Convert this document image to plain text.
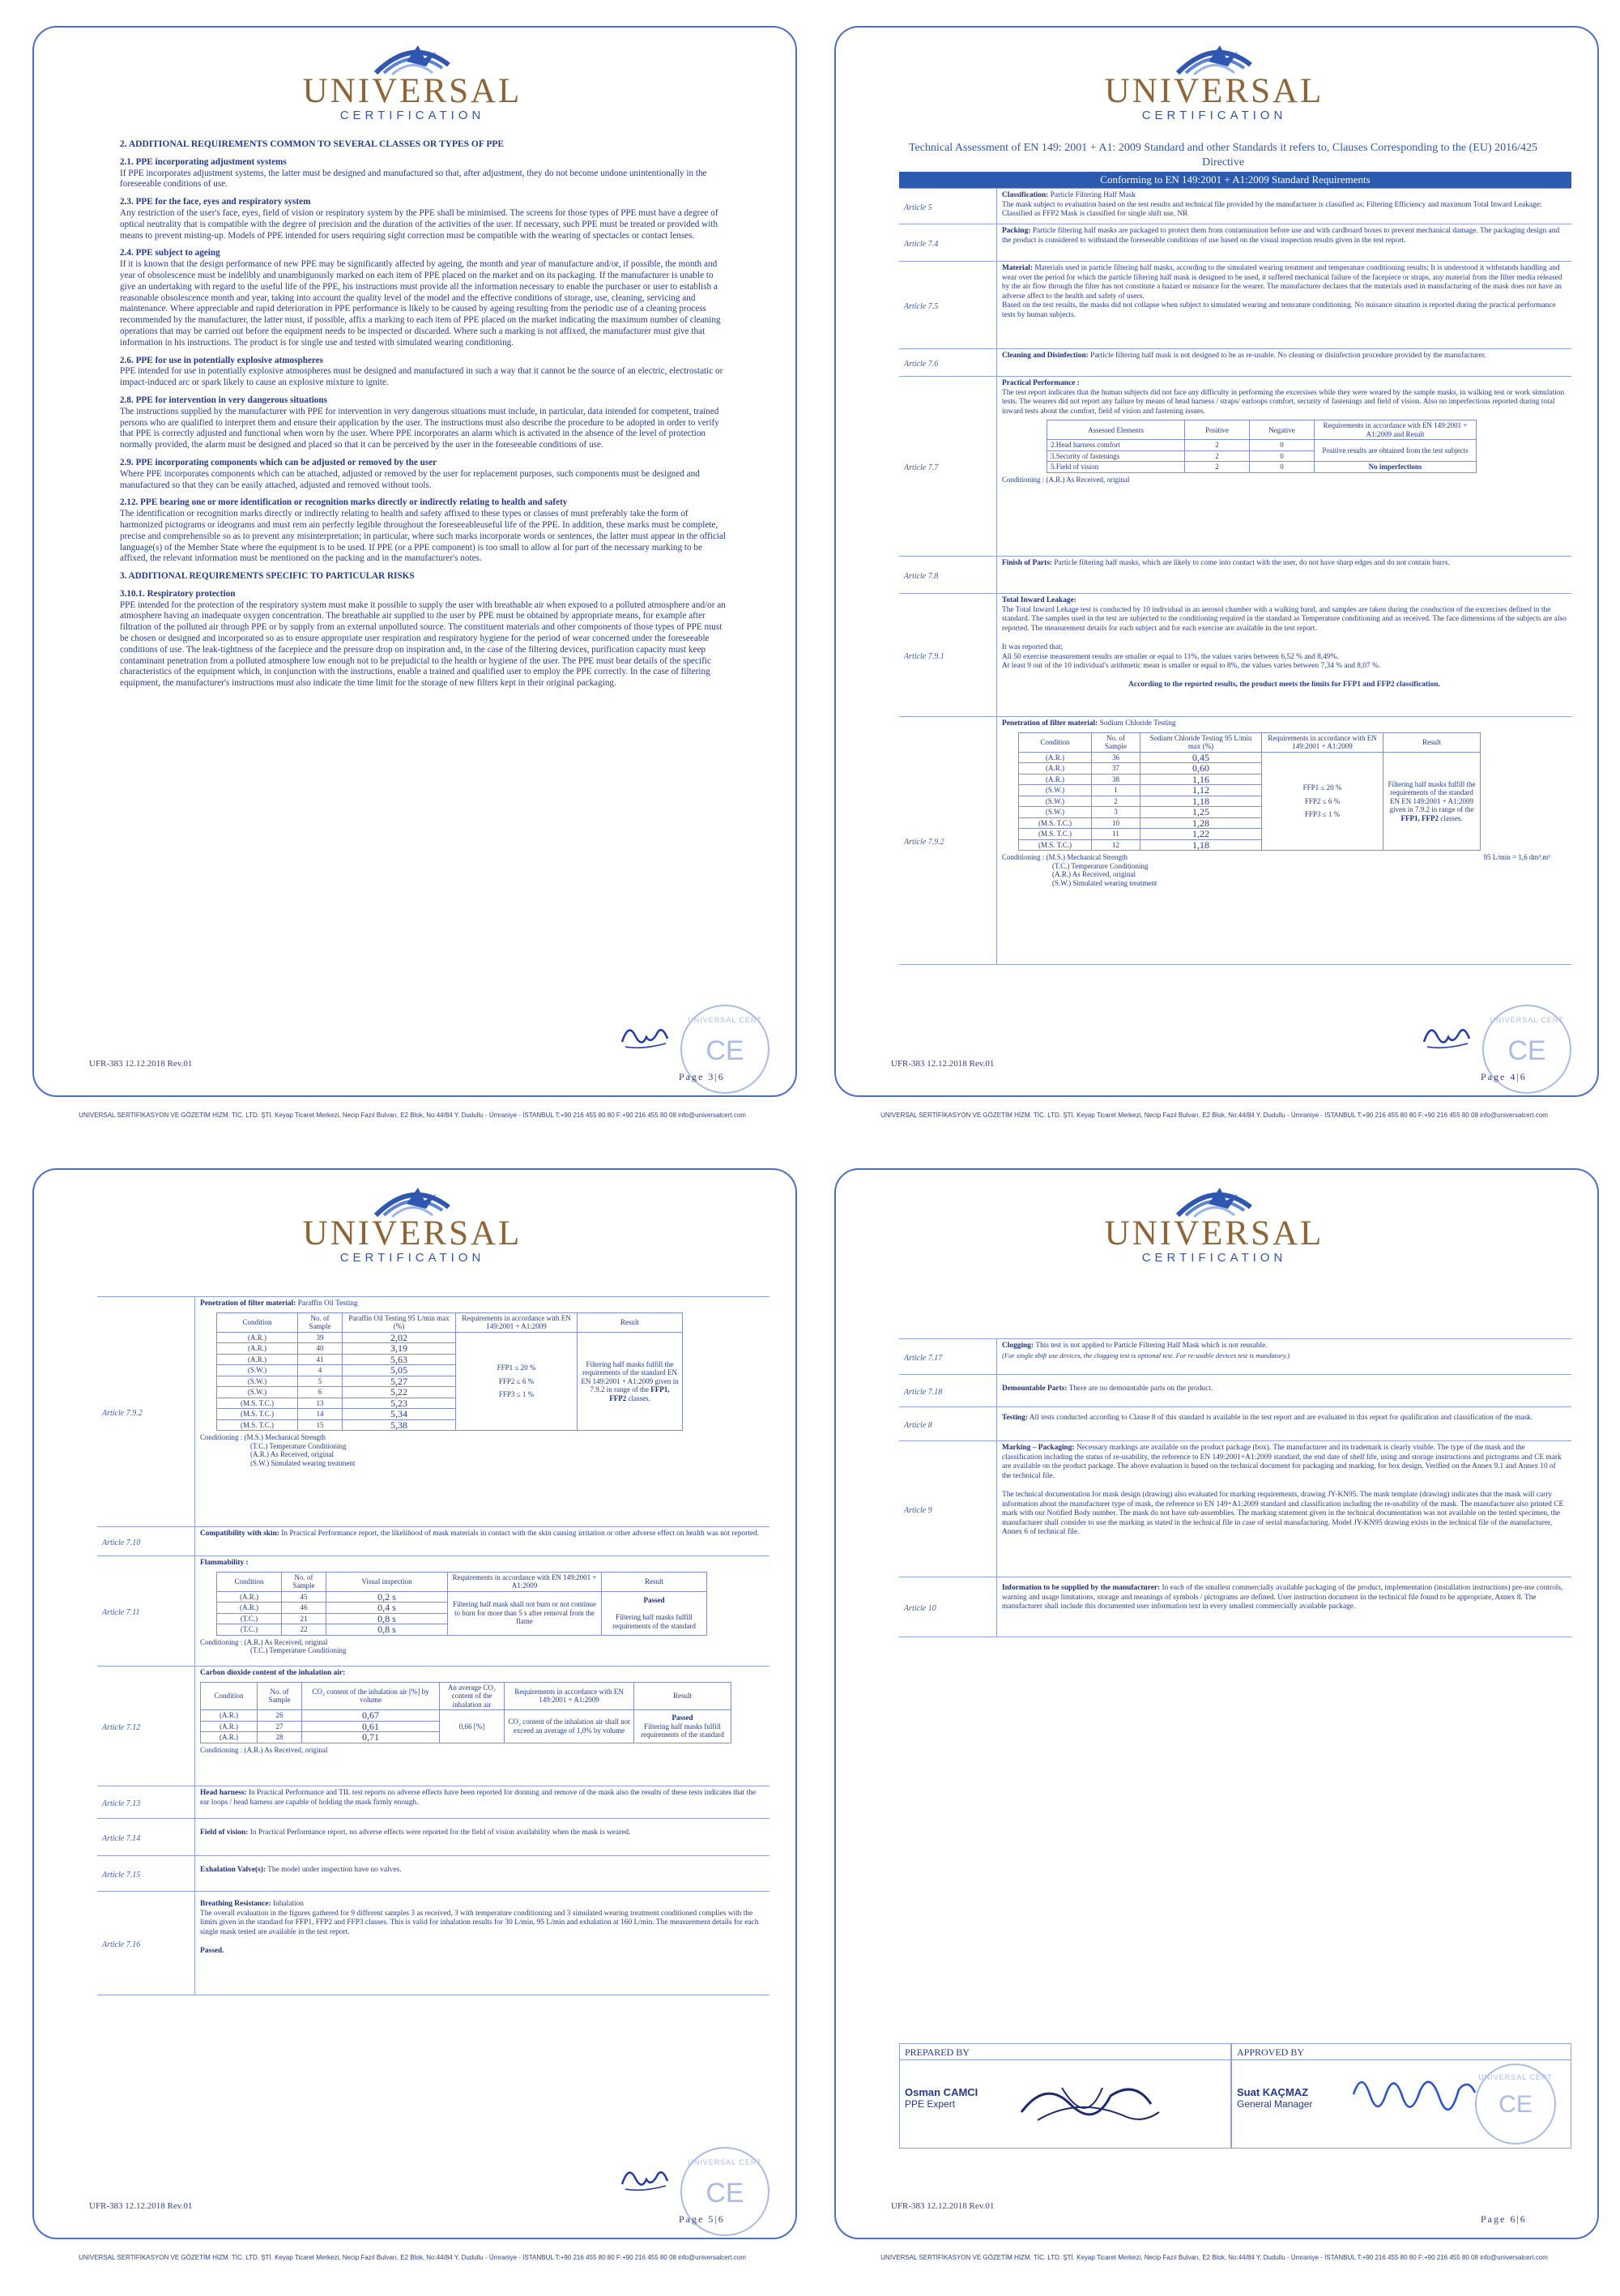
UNIVERSAL
CERTIFICATION
2. ADDITIONAL REQUIREMENTS COMMON TO SEVERAL CLASSES OR TYPES OF PPE
2.1. PPE incorporating adjustment systems

If PPE incorporates adjustment systems, the latter must be designed and manufactured so that, after adjustment, they do not become undone unintentionally in the foreseeable conditions of use.

2.3. PPE for the face, eyes and respiratory system

Any restriction of the user's face, eyes, field of vision or respiratory system by the PPE shall be minimised. The screens for those types of PPE must have a degree of optical neutrality that is compatible with the degree of precision and the duration of the activities of the user. If necessary, such PPE must be treated or provided with means to prevent misting-up. Models of PPE intended for users requiring sight correction must be compatible with the wearing of spectacles or contact lenses.

2.4. PPE subject to ageing

If it is known that the design performance of new PPE may be significantly affected by ageing, the month and year of manufacture and/or, if possible, the month and year of obsolescence must be indelibly and unambiguously marked on each item of PPE placed on the market and on its packaging. If the manufacturer is unable to give an undertaking with regard to the useful life of the PPE, his instructions must provide all the information necessary to enable the purchaser or user to establish a reasonable obsolescence month and year, taking into account the quality level of the model and the effective conditions of storage, use, cleaning, servicing and maintenance. Where appreciable and rapid deterioration in PPE performance is likely to be caused by ageing resulting from the periodic use of a cleaning process recommended by the manufacturer, the latter must, if possible, affix a marking to each item of PPE placed on the market indicating the maximum number of cleaning operations that may be carried out before the equipment needs to be inspected or discarded. Where such a marking is not affixed, the manufacturer must give that information in his instructions. The product is for single use and tested with simulated wearing conditioning.

2.6. PPE for use in potentially explosive atmospheres

PPE intended for use in potentially explosive atmospheres must be designed and manufactured in such a way that it cannot be the source of an electric, electrostatic or impact-induced arc or spark likely to cause an explosive mixture to ignite.

2.8. PPE for intervention in very dangerous situations

The instructions supplied by the manufacturer with PPE for intervention in very dangerous situations must include, in particular, data intended for competent, trained persons who are qualified to interpret them and ensure their application by the user. The instructions must also describe the procedure to be adopted in order to verify that PPE is correctly adjusted and functional when worn by the user. Where PPE incorporates an alarm which is activated in the absence of the level of protection normally provided, the alarm must be designed and placed so that it can be perceived by the user in the foreseeable conditions of use.

2.9. PPE incorporating components which can be adjusted or removed by the user

Where PPE incorporates components which can be attached, adjusted or removed by the user for replacement purposes, such components must be designed and manufactured so that they can be easily attached, adjusted and removed without tools.

2.12. PPE bearing one or more identification or recognition marks directly or indirectly relating to health and safety

The identification or recognition marks directly or indirectly relating to health and safety affixed to these types or classes of must preferably take the form of harmonized pictograms or ideograms and must rem ain perfectly legible throughout the foreseeableuseful life of the PPE. In addition, these marks must be complete, precise and comprehensible so as to prevent any misinterpretation; in particular, where such marks incorporate words or sentences, the latter must appear in the official language(s) of the Member State where the equipment is to be used. If PPE (or a PPE component) is too small to allow al for part of the necessary marking to be affixed, the relevant information must be mentioned on the packing and in the manufacturer's notes.

3. ADDITIONAL REQUIREMENTS SPECIFIC TO PARTICULAR RISKS
3.10.1. Respiratory protection

PPE intended for the protection of the respiratory system must make it possible to supply the user with breathable air when exposed to a polluted atmosphere and/or an atmosphere having an inadequate oxygen concentration. The breathable air supplied to the user by PPE must be obtained by appropriate means, for example after filtration of the polluted air through PPE or by supply from an external unpolluted source. The constituent materials and other components of those types of PPE must be chosen or designed and incorporated so as to ensure appropriate user respiration and respiratory hygiene for the period of wear concerned under the foreseeable conditions of use. The leak-tightness of the facepiece and the pressure drop on inspiration and, in the case of the filtering devices, purification capacity must keep contaminant penetration from a polluted atmosphere low enough not to be prejudicial to the health or hygiene of the user. The PPE must bear details of the specific characteristics of the equipment which, in conjunction with the instructions, enable a trained and qualified user to employ the PPE correctly. In the case of filtering equipment, the manufacturer's instructions must also indicate the time limit for the storage of new filters kept in their original packaging.

UNIVERSAL CERT
CE
UFR-383 12.12.2018 Rev.01
Page 3|6
UNIVERSAL SERTİFİKASYON VE GÖZETİM HİZM. TİC. LTD. ŞTİ. Keyap Ticaret Merkezi, Necip Fazıl Bulvarı, E2 Blok, No:44/84 Y. Dudullu - Ümraniye - İSTANBUL T:+90 216 455 80 80 F:+90 216 455 80 08 info@universalcert.com
UNIVERSAL
CERTIFICATION
Technical Assessment of EN 149: 2001 + A1: 2009 Standard and other Standards it refers to, Clauses Corresponding to the (EU) 2016/425 Directive
Conforming to EN 149:2001 + A1:2009 Standard Requirements
Article 5
Classification: Particle Filtering Half Mask
The mask subject to evaluation based on the test results and technical file provided by the manufacturer is classified as; Filtering Efficiency and maximum Total Inward Leakage: Classified as FFP2 Mask is classified for single shift use, NR
Article 7.4
Packing: Particle filtering half masks are packaged to protect them from contamination before use and with cardboard boxes to prevent mechanical damage. The packaging design and the product is considered to withstand the foreseeable conditions of use based on the visual inspection results given in the test report.
Article 7.5
Material: Materials used in particle filtering half masks, according to the simulated wearing treatment and temperature conditioning results; It is understood it withstands handling and wear over the period for which the particle filtering half mask is designed to be used, it suffered mechanical failure of the facepiece or straps, any material from the filter media released by the air flow through the filter has not constitute a hazard or nuisance for the wearer. The manufacturer declares that the materials used in manufacturing of the mask does not have an adverse affect to the health and safety of users.
Based on the test results, the masks did not collapse when subject to simulated wearing and temrature conditioning. No nuisance situation is reported during the practical performance tests by human subjects.
Article 7.6
Cleaning and Disinfection: Particle filtering half mask is not designed to be as re-usable. No cleaning or disinfection procedure provided by the manufacturer.
Article 7.7
Practical Performance :
The test report indicates that the human subjects did not face any difficulty in performing the excersises while they were weared by the sample masks, in walking test or work simulation tests. The wearers did not report any failure by means of head harness / straps/ earloops comfort, security of fastenings and field of vision. Also no imperfections reported during total inward tests about the comfort, field of vision and fastening issues.
Assessed Elements	Positive	Negative	Requirements in accordance with EN 149:2001 + A1:2009 and Result
2.Head harness comfort	2	0	Positive results are obtained from the test subjects
3.Security of fastenings	2	0	
5.Field of vision	2	0	No imperfections
Conditioning : (A.R.) As Received, original
Article 7.8
Finish of Parts: Particle filtering half masks, which are likely to come into contact with the user, do not have sharp edges and do not contain burrs.
Article 7.9.1
Total Inward Leakage:
The Total Inward Lekage test is conducted by 10 individual in an aerosol chamber with a walking band, and samples are taken during the conduction of the excercises defined in the standard. The samples used in the test are subjected to the conditioning required in the standard as Temperature conditioning and as received. The face dimensions of the subjects are also reported. The measurement details for each subject and for each exercise are available in the test report.

It was reported that;
All 50 exercise measurement results are smaller or equal to 11%, the values varies between 6,52 % and 8,49%.
At least 9 out of the 10 individual's arithmetic mean is smaller or equal to 8%, the values varies between 7,34 % and 8,07 %.

According to the reported results, the product meets the limits for FFP1 and FFP2 classification.
Article 7.9.2
Penetration of filter material: Sodium Chloride Testing
Condition	No. of Sample	Sodium Chloride Testing 95 L/min max (%)	Requirements in accordance with EN 149:2001 + A1:2009	Result
(A.R.)	36	0,45	FFP1 ≤ 20 %
FFP2 ≤ 6 %
FFP3 ≤ 1 %	Filtering half masks fulfill the requirements of the standard EN EN 149:2001 + A1:2009 given in 7.9.2 in range of the FFP1, FFP2 classes.
(A.R.)	37	0,60		
(A.R.)	38	1,16		
(S.W.)	1	1,12		
(S.W.)	2	1,18		
(S.W.)	3	1,25		
(M.S. T.C.)	10	1,28		
(M.S. T.C.)	11	1,22		
(M.S. T.C.)	12	1,18		
Conditioning : (M.S.) Mechanical Strength
(T.C.) Temperature Conditioning
(A.R.) As Received, original
(S.W.) Simulated wearing treatment
95 L/min = 1,6 dm³.m³
UNIVERSAL CERT
CE
UFR-383 12.12.2018 Rev.01
Page 4|6
UNIVERSAL SERTİFİKASYON VE GÖZETİM HİZM. TİC. LTD. ŞTİ. Keyap Ticaret Merkezi, Necip Fazıl Bulvarı, E2 Blok, No:44/84 Y. Dudullu - Ümraniye - İSTANBUL T:+90 216 455 80 80 F:+90 216 455 80 08 info@universalcert.com
UNIVERSAL
CERTIFICATION
Article 7.9.2
Penetration of filter material: Paraffin Oil Testing
Condition	No. of Sample	Paraffin Oil Testing 95 L/min max (%)	Requirements in accordance with EN 149:2001 + A1:2009	Result
(A.R.)	39	2,02	FFP1 ≤ 20 %
FFP2 ≤ 6 %
FFP3 ≤ 1 %	Filtering half masks fulfill the requirements of the standard EN EN 149:2001 + A1:2009 given in 7.9.2 in range of the FFP1, FFP2 classes.
(A.R.)	40	3,19		
(A.R.)	41	5,63		
(S.W.)	4	5,05		
(S.W.)	5	5,27		
(S.W.)	6	5,22		
(M.S. T.C.)	13	5,23		
(M.S. T.C.)	14	5,34		
(M.S. T.C.)	15	5,38		
Conditioning : (M.S.) Mechanical Strength
(T.C.) Temperature Conditioning
(A.R.) As Received, original
(S.W.) Simulated wearing treatment
Article 7.10
Compatibility with skin: In Practical Performance report, the likelihood of mask materials in contact with the skin causing irritation or other adverse effect on health was not reported.
Article 7.11
Flammability :
Condition	No. of Sample	Visual inspection	Requirements in accordance with EN 149:2001 + A1:2009	Result
(A.R.)	45	0,2 s	Filtering half mask shall not burn or not continue to burn for more than 5 s after removal from the flame	Passed

Filtering half masks fulfill requirements of the standard
(A.R.)	46	0,4 s		
(T.C.)	21	0,8 s		
(T.C.)	22	0,8 s		
Conditioning : (A.R.) As Received, original
(T.C.) Temperature Conditioning
Article 7.12
Carbon dioxide content of the inhalation air:
Condition	No. of Sample	CO₂ content of the inhalation air [%] by volume	An average CO₂ content of the inhalation air	Requirements in accordance with EN 149:2001 + A1:2009	Result
(A.R.)	26	0,67	0,66 [%]	CO₂ content of the inhalation air shall not exceed an average of 1,0% by volume	Passed
Filtering half masks fulfill requirements of the standard
(A.R.)	27	0,61			
(A.R.)	28	0,71			
Conditioning : (A.R.) As Received, original
Article 7.13
Head harness: In Practical Performance and TIL test reports no adverse effects have been reported for donning and remove of the mask also the results of these tests indicates that the ear loops / head harness are capable of holding the mask firmly enough.
Article 7.14
Field of vision: In Practical Performance report, no adverse effects were reported for the field of vision availability when the mask is weared.
Article 7.15
Exhalation Valve(s): The model under inspection have no valves.
Article 7.16
Breathing Resistance: Inhalation
The overall evaluation in the figures gathered for 9 different samples 3 as received, 3 with temperature conditioning and 3 simulated wearing treatment conditioned complies with the limits given in the standard for FFP1, FFP2 and FFP3 classes. This is valid for inhalation results for 30 L/min, 95 L/min and exhalation at 160 L/min. The measurement details for each single mask tested are available in the test report.

Passed.
UNIVERSAL CERT
CE
UFR-383 12.12.2018 Rev.01
Page 5|6
UNIVERSAL SERTİFİKASYON VE GÖZETİM HİZM. TİC. LTD. ŞTİ. Keyap Ticaret Merkezi, Necip Fazıl Bulvarı, E2 Blok, No:44/84 Y. Dudullu - Ümraniye - İSTANBUL T:+90 216 455 80 80 F:+90 216 455 80 08 info@universalcert.com
UNIVERSAL
CERTIFICATION
Article 7.17
Clogging: This test is not applied to Particle Filtering Half Mask which is not reusable.
(For single shift use devices, the clogging test is optional test. For re-usable devices test is mandatory.)
Article 7.18	Demountable Parts: There are no demountable parts on the product.
Article 8
Testing: All tests conducted according to Clause 8 of this standard is available in the test report and are evaluated in this report for qualification and classification of the mask.
Article 9
Marking – Packaging: Necessary markings are available on the product package (box). The manufacturer and its trademark is clearly visible. The type of the mask and the classification including the status of re-usability, the reference to EN 149:2001+A1:2009 standard, the end date of shelf life, using and storage instructions and pictograms and CE mark are available on the product package. The above evaluation is based on the technical document for packaging and marking, for box design. Verified on the Annex 9.1 and Annex 10 of the technical file.

The technical documentation for mask design (drawing) also evaluated for marking requirements, drawing JY-KN95. The mask template (drawing) indicates that the mask will carry information about the manufacturer type of mask, the reference to EN 149+A1:2009 standard and classification including the re-usability of the mask. The manufacturer also printed CE mark with our Notified Body number. The mask do not have sub-assemblies. The marking statement given in the technical documentation was not available on the tested specimen, the manufacturer shall consider to use the marking as stated in the technical file in case of serial manufacturing. Model JY-KN95 drawing exists in the technical file of the manufacturer, Annex 6 of technical file.
Article 10
Information to be supplied by the manufacturer: In each of the smallest commercially available packaging of the product, implementation (installation instructions) pre-use controls, warning and usage limitations, storage and meanings of symbols / pictograms are defined. User instruction document in the technical file found to be appropriate, Annex 8. The manufacturer shall include this documented user information text in every smallest commercially available package.
PREPARED BY
Osman CAMCI
PPE Expert
APPROVED BY
Suat KAÇMAZ
General Manager
UNIVERSAL CERT
CE
UFR-383 12.12.2018 Rev.01
Page 6|6
UNIVERSAL SERTİFİKASYON VE GÖZETİM HİZM. TİC. LTD. ŞTİ. Keyap Ticaret Merkezi, Necip Fazıl Bulvarı, E2 Blok, No:44/84 Y. Dudullu - Ümraniye - İSTANBUL T:+90 216 455 80 80 F:+90 216 455 80 08 info@universalcert.com
